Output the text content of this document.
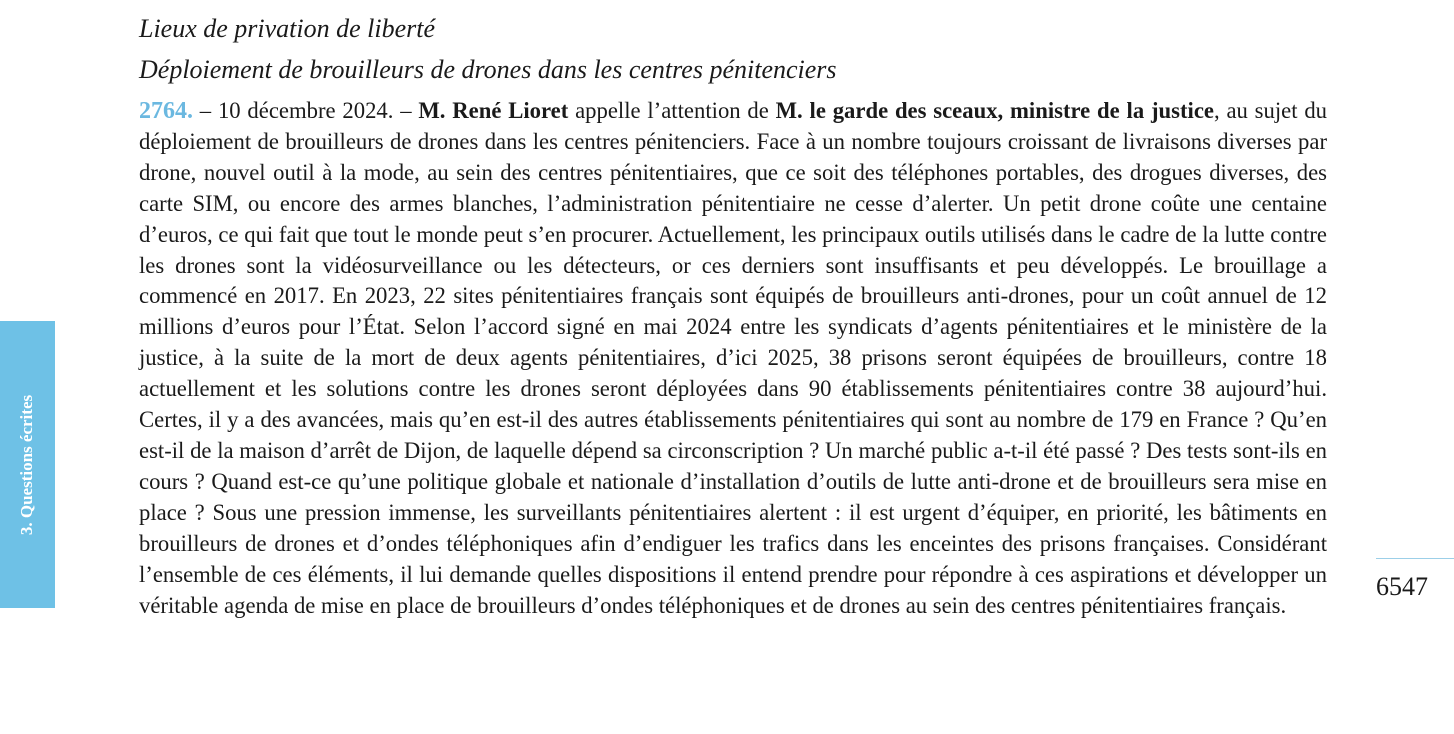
Lieux de privation de liberté

Déploiement de brouilleurs de drones dans les centres pénitenciers

2764. – 10 décembre 2024. – M. René Lioret appelle l’attention de M. le garde des sceaux, ministre de la justice, au sujet du déploiement de brouilleurs de drones dans les centres pénitenciers. Face à un nombre toujours croissant de livraisons diverses par drone, nouvel outil à la mode, au sein des centres pénitentiaires, que ce soit des téléphones portables, des drogues diverses, des carte SIM, ou encore des armes blanches, l’administration pénitentiaire ne cesse d’alerter. Un petit drone coûte une centaine d’euros, ce qui fait que tout le monde peut s’en procurer. Actuellement, les principaux outils utilisés dans le cadre de la lutte contre les drones sont la vidéosurveillance ou les détecteurs, or ces derniers sont insuffisants et peu développés. Le brouillage a commencé en 2017. En 2023, 22 sites pénitentiaires français sont équipés de brouilleurs anti-drones, pour un coût annuel de 12 millions d’euros pour l’État. Selon l’accord signé en mai 2024 entre les syndicats d’agents pénitentiaires et le ministère de la justice, à la suite de la mort de deux agents pénitentiaires, d’ici 2025, 38 prisons seront équipées de brouilleurs, contre 18 actuellement et les solutions contre les drones seront déployées dans 90 établissements pénitentiaires contre 38 aujourd’hui. Certes, il y a des avancées, mais qu’en est-il des autres établissements pénitentiaires qui sont au nombre de 179 en France ? Qu’en est-il de la maison d’arrêt de Dijon, de laquelle dépend sa circonscription ? Un marché public a-t-il été passé ? Des tests sont-ils en cours ? Quand est-ce qu’une politique globale et nationale d’installation d’outils de lutte anti-drone et de brouilleurs sera mise en place ? Sous une pression immense, les surveillants pénitentiaires alertent : il est urgent d’équiper, en priorité, les bâtiments en brouilleurs de drones et d’ondes téléphoniques afin d’endiguer les trafics dans les enceintes des prisons françaises. Considérant l’ensemble de ces éléments, il lui demande quelles dispositions il entend prendre pour répondre à ces aspirations et développer un véritable agenda de mise en place de brouilleurs d’ondes téléphoniques et de drones au sein des centres pénitentiaires français.

3. Questions écrites
6547
